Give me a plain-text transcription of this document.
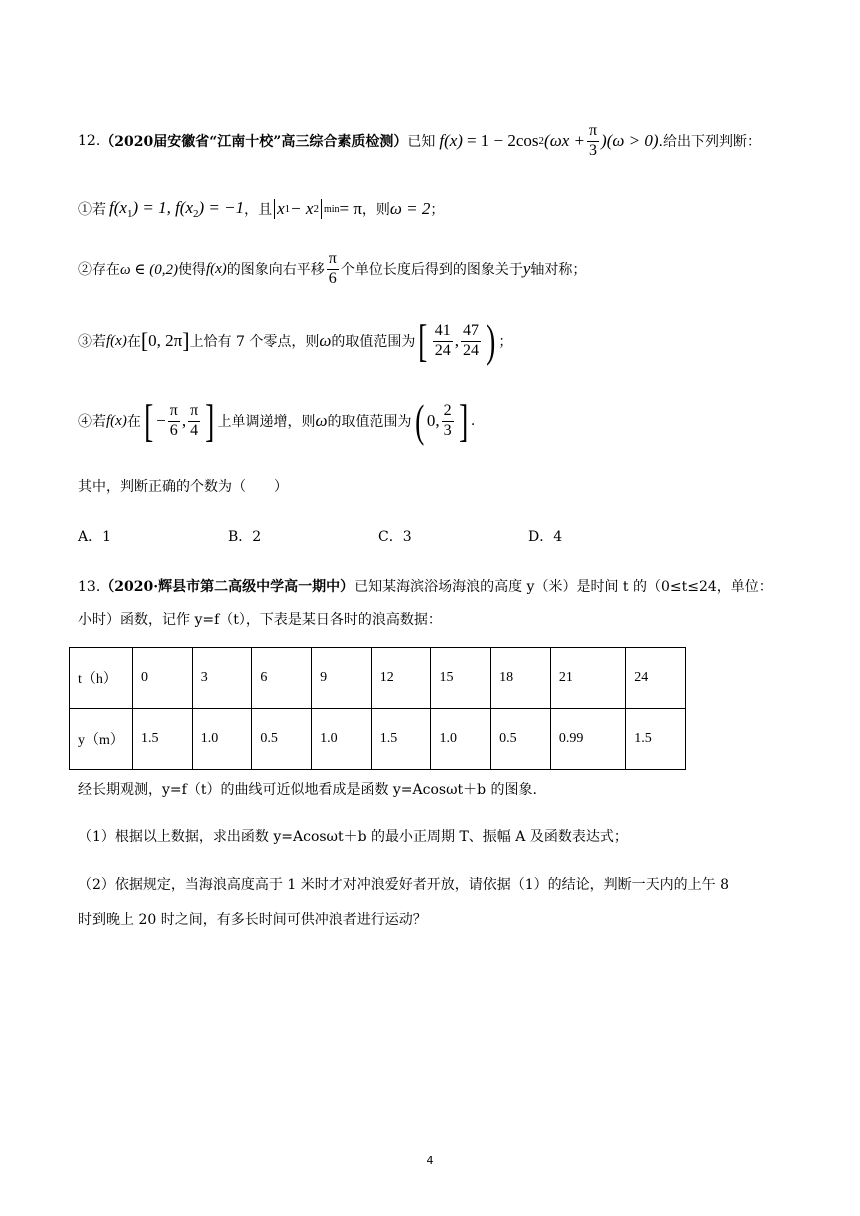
12. （2020届安徽省“江南十校”高三综合素质检测） 已知 f(x) = 1 − 2cos 2 $(\omega x + \frac{\pi}{3} )(\omega > 0)$ .给出下列判断：
①若 $f(x_1) = 1$, $f(x_2) = -1$ ，且 x 1 − x 2 min = π ，则 ω = 2 ；
②存在 ω ∈ (0,2) 使得 f(x) 的图象向右平移 $\frac{\pi}{6}$ 个单位长度后得到的图象关于 y 轴对称；
③若 f(x) 在 [ 0, 2π ] 上恰有 7 个零点，则 ω 的取值范围为 [ $\frac{41}{24}$ , $\frac{47}{24}$ ) ；
④若 f(x) 在 [ − $\frac{\pi}{6}$ , $\frac{\pi}{4}$ ] 上单调递增，则 ω 的取值范围为 ( 0, $\frac{2}{3}$ ] .
其中，判断正确的个数为（　　）
A．1	B．2	C．3	D．4
13.（2020·辉县市第二高级中学高一期中）已知某海滨浴场海浪的高度 y（米）是时间 t 的（0≤t≤24，单位：
小时）函数，记作 y=f（t），下表是某日各时的浪高数据：
t（h）	0	3	6	9	12	15	18	21	24
y（m）	1.5	1.0	0.5	1.0	1.5	1.0	0.5	0.99	1.5
经长期观测，y=f（t）的曲线可近似地看成是函数 y=Acosωt＋b 的图象.
（1）根据以上数据，求出函数 y=Acosωt＋b 的最小正周期 T、振幅 A 及函数表达式；
（2）依据规定，当海浪高度高于 1 米时才对冲浪爱好者开放，请依据（1）的结论，判断一天内的上午 8
时到晚上 20 时之间，有多长时间可供冲浪者进行运动？
4
